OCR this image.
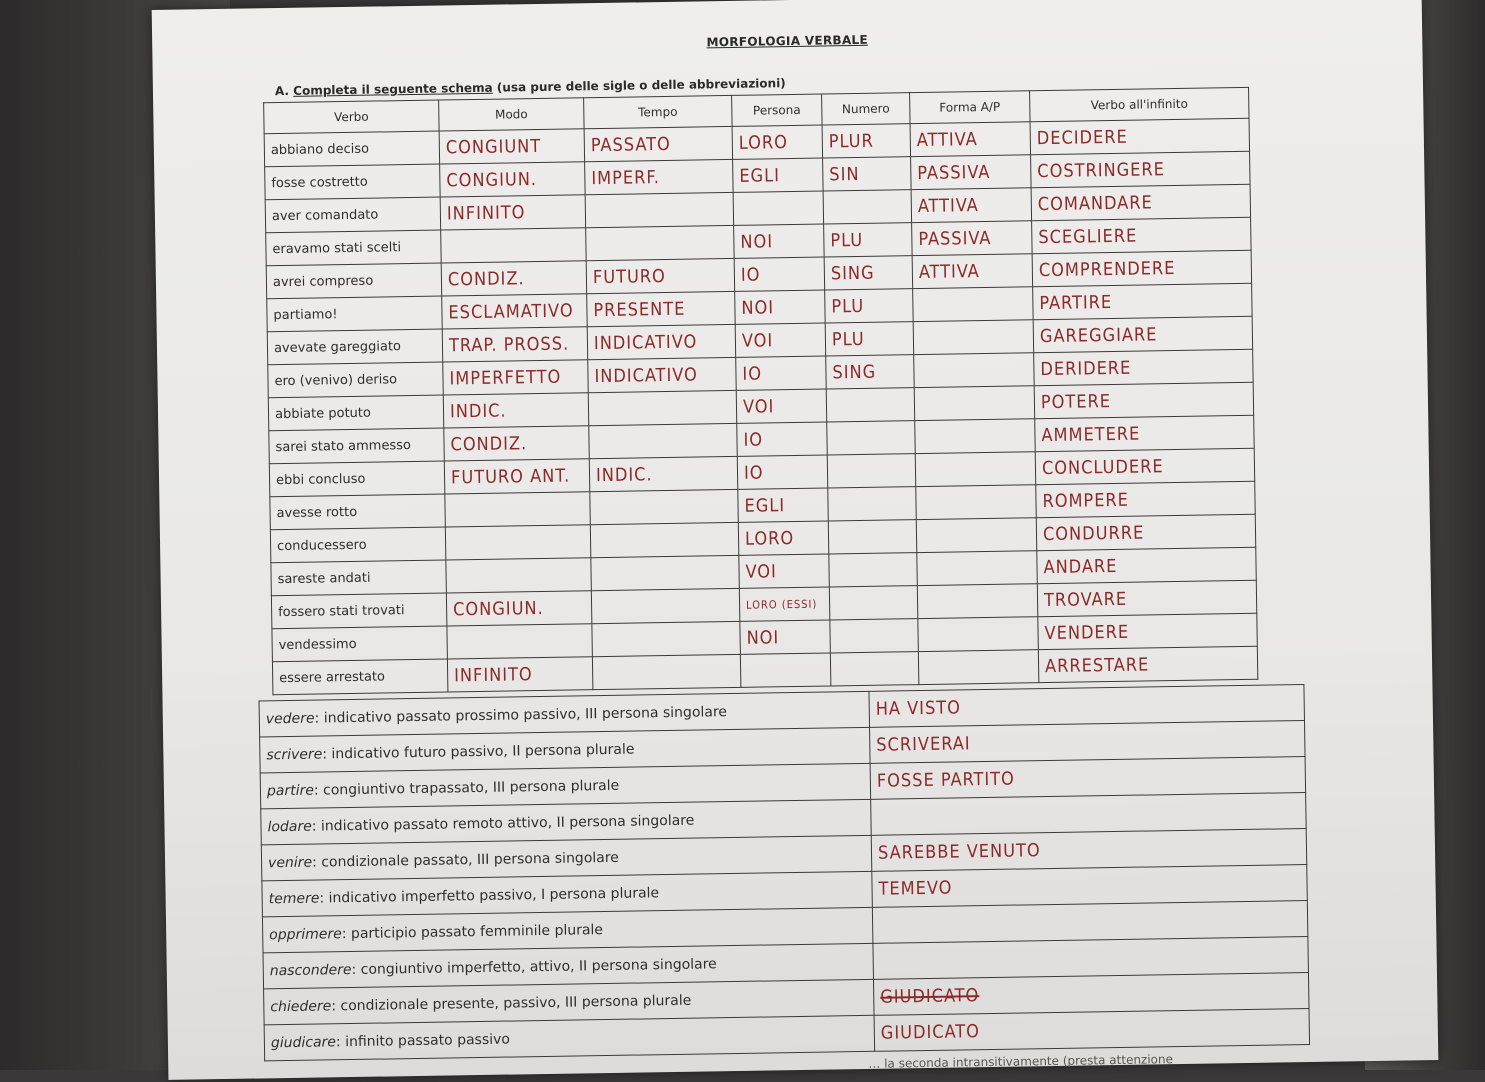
MORFOLOGIA VERBALE
A. Completa il seguente schema (usa pure delle sigle o delle abbreviazioni)
Verbo	Modo	Tempo	Persona	Numero	Forma A/P	Verbo all'infinito
abbiano deciso	CONGIUNT	PASSATO	LORO	PLUR	ATTIVA	DECIDERE
fosse costretto	CONGIUN.	IMPERF.	EGLI	SIN	PASSIVA	COSTRINGERE
aver comandato	INFINITO				ATTIVA	COMANDARE
eravamo stati scelti			NOI	PLU	PASSIVA	SCEGLIERE
avrei compreso	CONDIZ.	FUTURO	IO	SING	ATTIVA	COMPRENDERE
partiamo!	ESCLAMATIVO	PRESENTE	NOI	PLU		PARTIRE
avevate gareggiato	TRAP. PROSS.	INDICATIVO	VOI	PLU		GAREGGIARE
ero (venivo) deriso	IMPERFETTO	INDICATIVO	IO	SING		DERIDERE
abbiate potuto	INDIC.		VOI			POTERE
sarei stato ammesso	CONDIZ.		IO			AMMETERE
ebbi concluso	FUTURO ANT.	INDIC.	IO			CONCLUDERE
avesse rotto			EGLI			ROMPERE
conducessero			LORO			CONDURRE
sareste andati			VOI			ANDARE
fossero stati trovati	CONGIUN.		LORO (ESSI)			TROVARE
vendessimo			NOI			VENDERE
essere arrestato	INFINITO					ARRESTARE
vedere: indicativo passato prossimo passivo, III persona singolare	HA VISTO
scrivere: indicativo futuro passivo, II persona plurale	SCRIVERAI
partire: congiuntivo trapassato, III persona plurale	FOSSE PARTITO
lodare: indicativo passato remoto attivo, II persona singolare	
venire: condizionale passato, III persona singolare	SAREBBE VENUTO
temere: indicativo imperfetto passivo, I persona plurale	TEMEVO
opprimere: participio passato femminile plurale	
nascondere: congiuntivo imperfetto, attivo, II persona singolare	
chiedere: condizionale presente, passivo, III persona plurale	GIUDICATO
giudicare: infinito passato passivo	GIUDICATO
… la seconda intransitivamente (presta attenzione
